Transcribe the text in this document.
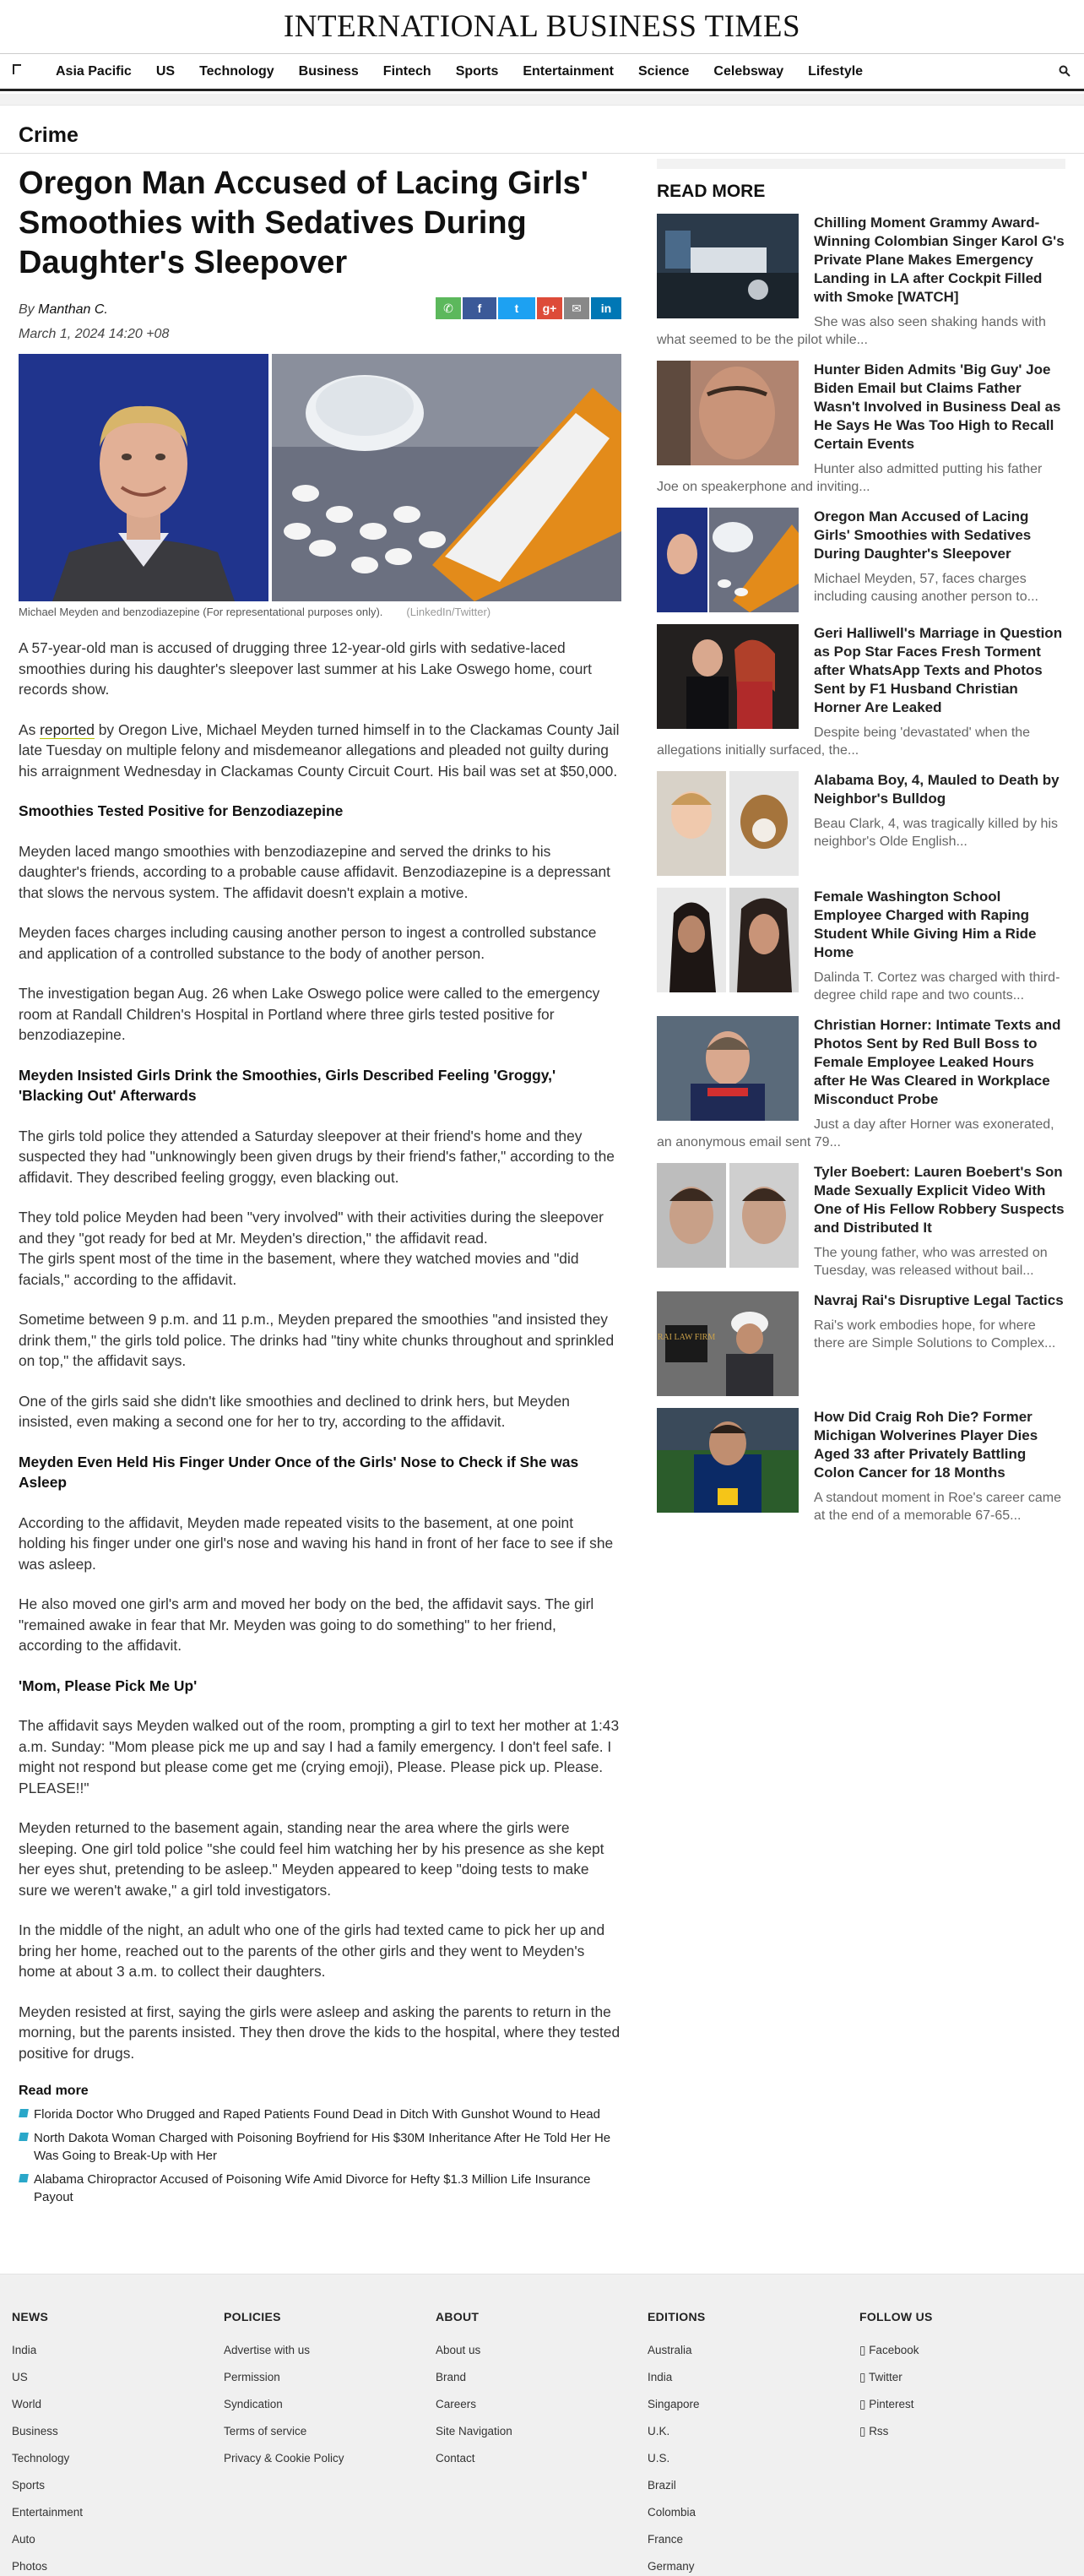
INTERNATIONAL BUSINESS TIMES
Asia Pacific US Technology Business Fintech Sports Entertainment Science Celebsway Lifestyle
Crime
Oregon Man Accused of Lacing Girls' Smoothies with Sedatives During Daughter's Sleepover
By Manthan C.
March 1, 2024 14:20 +08
✆	f	t	g+	✉	in
Michael Meyden and benzodiazepine (For representational purposes only). (LinkedIn/Twitter)

A 57-year-old man is accused of drugging three 12-year-old girls with sedative-laced smoothies during his daughter's sleepover last summer at his Lake Oswego home, court records show.

As reported by Oregon Live, Michael Meyden turned himself in to the Clackamas County Jail late Tuesday on multiple felony and misdemeanor allegations and pleaded not guilty during his arraignment Wednesday in Clackamas County Circuit Court. His bail was set at $50,000.

Smoothies Tested Positive for Benzodiazepine

Meyden laced mango smoothies with benzodiazepine and served the drinks to his daughter's friends, according to a probable cause affidavit. Benzodiazepine is a depressant that slows the nervous system. The affidavit doesn't explain a motive.

Meyden faces charges including causing another person to ingest a controlled substance and application of a controlled substance to the body of another person.

The investigation began Aug. 26 when Lake Oswego police were called to the emergency room at Randall Children's Hospital in Portland where three girls tested positive for benzodiazepine.

Meyden Insisted Girls Drink the Smoothies, Girls Described Feeling 'Groggy,' 'Blacking Out' Afterwards

The girls told police they attended a Saturday sleepover at their friend's home and they suspected they had "unknowingly been given drugs by their friend's father," according to the affidavit. They described feeling groggy, even blacking out.

They told police Meyden had been "very involved" with their activities during the sleepover and they "got ready for bed at Mr. Meyden's direction," the affidavit read.
The girls spent most of the time in the basement, where they watched movies and "did facials," according to the affidavit.

Sometime between 9 p.m. and 11 p.m., Meyden prepared the smoothies "and insisted they drink them," the girls told police. The drinks had "tiny white chunks throughout and sprinkled on top," the affidavit says.

One of the girls said she didn't like smoothies and declined to drink hers, but Meyden insisted, even making a second one for her to try, according to the affidavit.

Meyden Even Held His Finger Under Once of the Girls' Nose to Check if She was Asleep

According to the affidavit, Meyden made repeated visits to the basement, at one point holding his finger under one girl's nose and waving his hand in front of her face to see if she was asleep.

He also moved one girl's arm and moved her body on the bed, the affidavit says. The girl "remained awake in fear that Mr. Meyden was going to do something" to her friend, according to the affidavit.

'Mom, Please Pick Me Up'

The affidavit says Meyden walked out of the room, prompting a girl to text her mother at 1:43 a.m. Sunday: "Mom please pick me up and say I had a family emergency. I don't feel safe. I might not respond but please come get me (crying emoji), Please. Please pick up. Please. PLEASE!!"

Meyden returned to the basement again, standing near the area where the girls were sleeping. One girl told police "she could feel him watching her by his presence as she kept her eyes shut, pretending to be asleep." Meyden appeared to keep "doing tests to make sure we weren't awake," a girl told investigators.

In the middle of the night, an adult who one of the girls had texted came to pick her up and bring her home, reached out to the parents of the other girls and they went to Meyden's home at about 3 a.m. to collect their daughters.

Meyden resisted at first, saying the girls were asleep and asking the parents to return in the morning, but the parents insisted. They then drove the kids to the hospital, where they tested positive for drugs.

Read more
Florida Doctor Who Drugged and Raped Patients Found Dead in Ditch With Gunshot Wound to Head
North Dakota Woman Charged with Poisoning Boyfriend for His $30M Inheritance After He Told Her He Was Going to Break-Up with Her
Alabama Chiropractor Accused of Poisoning Wife Amid Divorce for Hefty $1.3 Million Life Insurance Payout
READ MORE
Chilling Moment Grammy Award-Winning Colombian Singer Karol G's Private Plane Makes Emergency Landing in LA after Cockpit Filled with Smoke [WATCH]
She was also seen shaking hands with what seemed to be the pilot while...
Hunter Biden Admits 'Big Guy' Joe Biden Email but Claims Father Wasn't Involved in Business Deal as He Says He Was Too High to Recall Certain Events
Hunter also admitted putting his father Joe on speakerphone and inviting...
Oregon Man Accused of Lacing Girls' Smoothies with Sedatives During Daughter's Sleepover
Michael Meyden, 57, faces charges including causing another person to...
Geri Halliwell's Marriage in Question as Pop Star Faces Fresh Torment after WhatsApp Texts and Photos Sent by F1 Husband Christian Horner Are Leaked
Despite being 'devastated' when the allegations initially surfaced, the...
Alabama Boy, 4, Mauled to Death by Neighbor's Bulldog
Beau Clark, 4, was tragically killed by his neighbor's Olde English...
Female Washington School Employee Charged with Raping Student While Giving Him a Ride Home
Dalinda T. Cortez was charged with third-degree child rape and two counts...
Christian Horner: Intimate Texts and Photos Sent by Red Bull Boss to Female Employee Leaked Hours after He Was Cleared in Workplace Misconduct Probe
Just a day after Horner was exonerated, an anonymous email sent 79...
Tyler Boebert: Lauren Boebert's Son Made Sexually Explicit Video With One of His Fellow Robbery Suspects and Distributed It
The young father, who was arrested on Tuesday, was released without bail...
RAI LAW FIRM
Navraj Rai's Disruptive Legal Tactics
Rai's work embodies hope, for where there are Simple Solutions to Complex...
How Did Craig Roh Die? Former Michigan Wolverines Player Dies Aged 33 after Privately Battling Colon Cancer for 18 Months
A standout moment in Roe's career came at the end of a memorable 67-65...
NEWS
India
US
World
Business
Technology
Sports
Entertainment
Auto
Photos
POLICIES
Advertise with us
Permission
Syndication
Terms of service
Privacy & Cookie Policy
ABOUT
About us
Brand
Careers
Site Navigation
Contact
EDITIONS
Australia
India
Singapore
U.K.
U.S.
Brazil
Colombia
France
Germany
FOLLOW US
▯ Facebook
▯ Twitter
▯ Pinterest
▯ Rss
